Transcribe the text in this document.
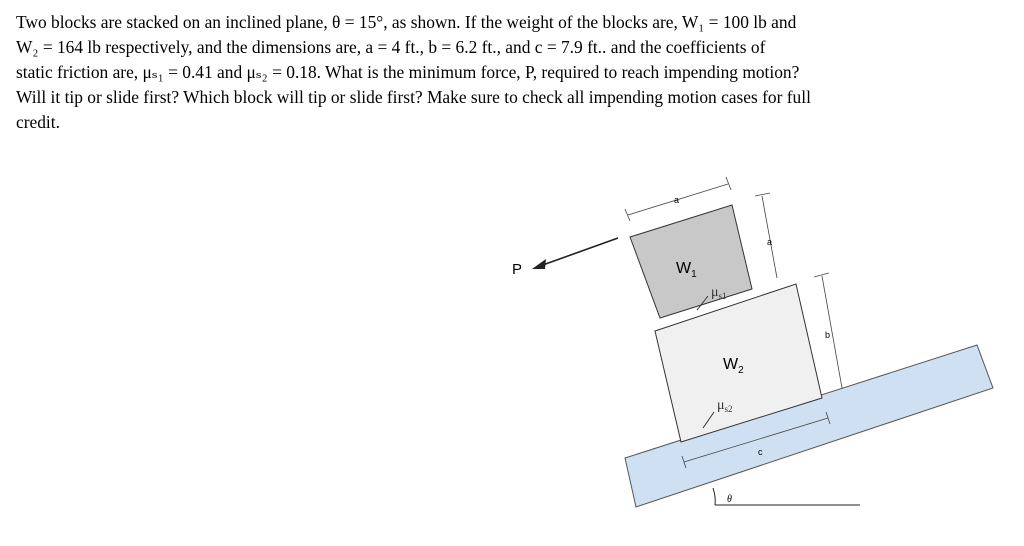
Two blocks are stacked on an inclined plane, θ = 15°, as shown. If the weight of the blocks are, W₁ = 100 lb and
W₂ = 164 lb respectively, and the dimensions are, a = 4 ft., b = 6.2 ft., and c = 7.9 ft.. and the coefficients of
static friction are, μₛ₁ = 0.41 and μₛ₂ = 0.18. What is the minimum force, P, required to reach impending motion?
Will it tip or slide first? Which block will tip or slide first? Make sure to check all impending motion cases for full
credit.
P	$W_1$
$W_2$
$\mu_{s1}$
$\mu_{s2}$
a
a
b
c
θ
